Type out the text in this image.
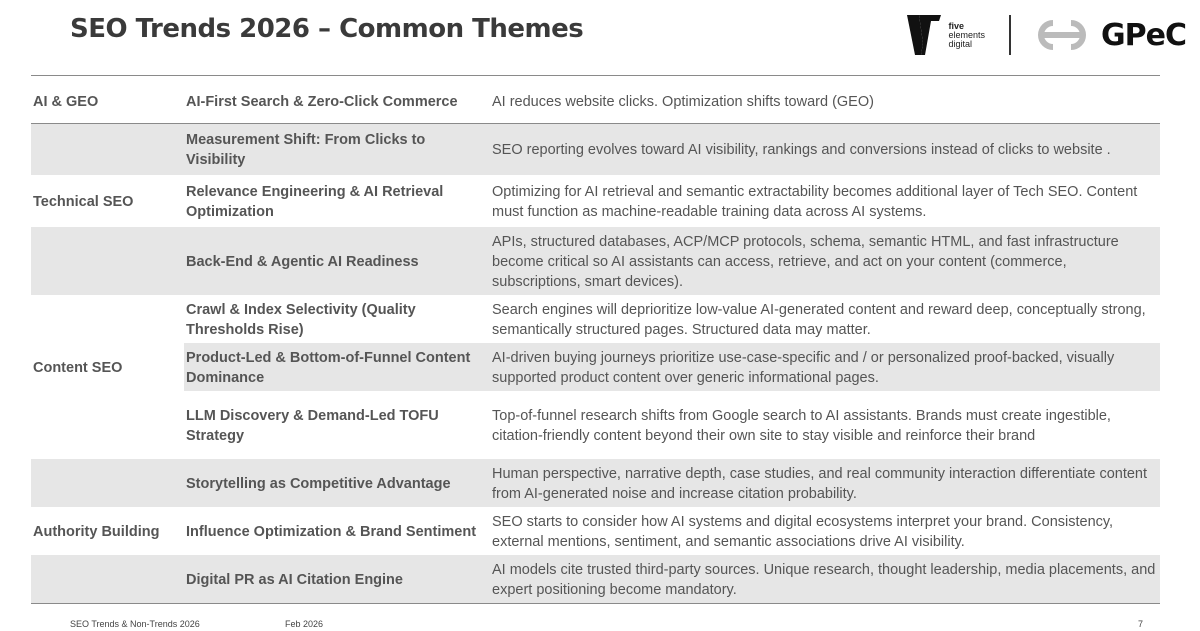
SEO Trends 2026 – Common Themes	five
elements
digital	GPeC
AI & GEO	AI-First Search & Zero-Click Commerce	AI reduces website clicks. Optimization shifts toward (GEO)
	Measurement Shift: From Clicks to Visibility	SEO reporting evolves toward AI visibility, rankings and conversions instead of clicks to website .
Technical SEO	Relevance Engineering & AI Retrieval Optimization	Optimizing for AI retrieval and semantic extractability becomes additional layer of Tech SEO. Content must function as machine-readable training data across AI systems.
	Back-End & Agentic AI Readiness	APIs, structured databases, ACP/MCP protocols, schema, semantic HTML, and fast infrastructure become critical so AI assistants can access, retrieve, and act on your content (commerce, subscriptions, smart devices).
	Crawl & Index Selectivity (Quality Thresholds Rise)	Search engines will deprioritize low-value AI-generated content and reward deep, conceptually strong, semantically structured pages. Structured data may matter.
Content SEO	Product-Led & Bottom-of-Funnel Content Dominance	AI-driven buying journeys prioritize use-case-specific and / or personalized proof-backed, visually supported product content over generic informational pages.
	LLM Discovery & Demand-Led TOFU Strategy	Top-of-funnel research shifts from Google search to AI assistants. Brands must create ingestible, citation-friendly content beyond their own site to stay visible and reinforce their brand
	Storytelling as Competitive Advantage	Human perspective, narrative depth, case studies, and real community interaction differentiate content from AI-generated noise and increase citation probability.
Authority Building	Influence Optimization & Brand Sentiment	SEO starts to consider how AI systems and digital ecosystems interpret your brand. Consistency, external mentions, sentiment, and semantic associations drive AI visibility.
	Digital PR as AI Citation Engine	AI models cite trusted third-party sources. Unique research, thought leadership, media placements, and expert positioning become mandatory.
SEO Trends & Non-Trends 2026	Feb 2026	7
